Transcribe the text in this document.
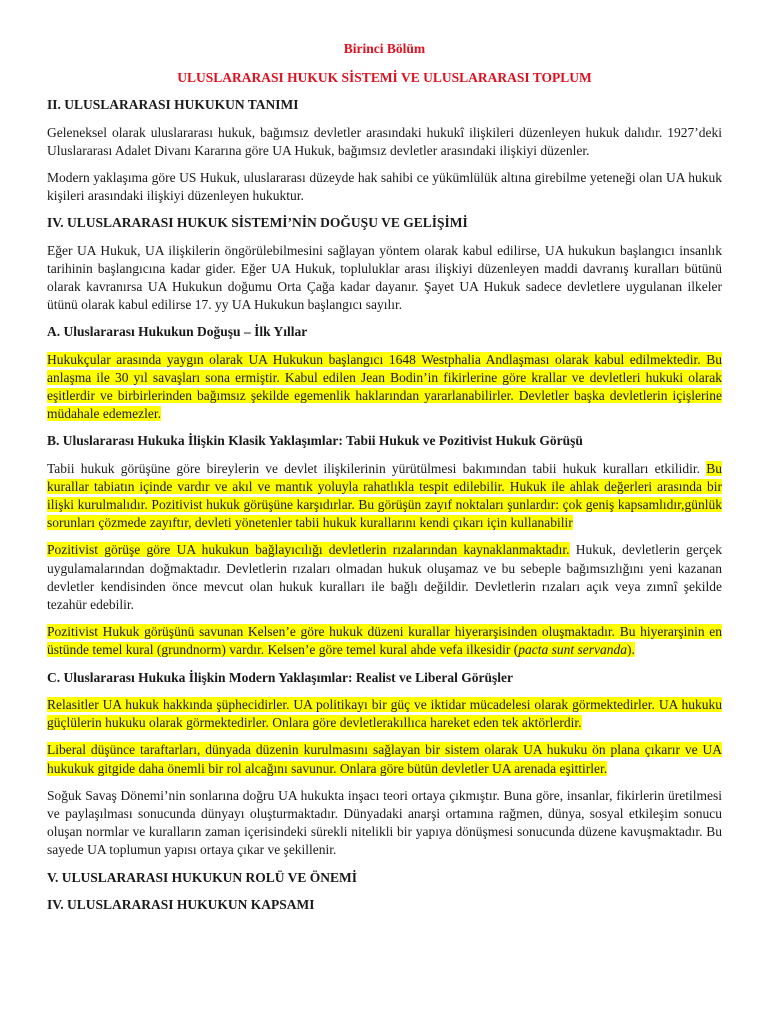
Birinci Bölüm
ULUSLARARASI HUKUK SİSTEMİ VE ULUSLARARASI TOPLUM
II. ULUSLARARASI HUKUKUN TANIMI

Geleneksel olarak uluslararası hukuk, bağımsız devletler arasındaki hukukî ilişkileri düzenleyen hukuk dalıdır. 1927’deki Uluslararası Adalet Divanı Kararına göre UA Hukuk, bağımsız devletler arasındaki ilişkiyi düzenler.

Modern yaklaşıma göre US Hukuk, uluslararası düzeyde hak sahibi ce yükümlülük altına girebilme yeteneği olan UA hukuk kişileri arasındaki ilişkiyi düzenleyen hukuktur.

IV. ULUSLARARASI HUKUK SİSTEMİ’NİN DOĞUŞU VE GELİŞİMİ

Eğer UA Hukuk, UA ilişkilerin öngörülebilmesini sağlayan yöntem olarak kabul edilirse, UA hukukun başlangıcı insanlık tarihinin başlangıcına kadar gider. Eğer UA Hukuk, topluluklar arası ilişkiyi düzenleyen maddi davranış kuralları bütünü olarak kavranırsa UA Hukukun doğumu Orta Çağa kadar dayanır. Şayet UA Hukuk sadece devletlere uygulanan ilkeler ütünü olarak kabul edilirse 17. yy UA Hukukun başlangıcı sayılır.

A. Uluslararası Hukukun Doğuşu – İlk Yıllar

Hukukçular arasında yaygın olarak UA Hukukun başlangıcı 1648 Westphalia Andlaşması olarak kabul edilmektedir. Bu anlaşma ile 30 yıl savaşları sona ermiştir. Kabul edilen Jean Bodin’in fikirlerine göre krallar ve devletleri hukuki olarak eşitlerdir ve birbirlerinden bağımsız şekilde egemenlik haklarından yararlanabilirler. Devletler başka devletlerin içişlerine müdahale edemezler.

B. Uluslararası Hukuka İlişkin Klasik Yaklaşımlar: Tabii Hukuk ve Pozitivist Hukuk Görüşü

Tabii hukuk görüşüne göre bireylerin ve devlet ilişkilerinin yürütülmesi bakımından tabii hukuk kuralları etkilidir. Bu kurallar tabiatın içinde vardır ve akıl ve mantık yoluyla rahatlıkla tespit edilebilir. Hukuk ile ahlak değerleri arasında bir ilişki kurulmalıdır. Pozitivist hukuk görüşüne karşıdırlar. Bu görüşün zayıf noktaları şunlardır: çok geniş kapsamlıdır,günlük sorunları çözmede zayıftır, devleti yönetenler tabii hukuk kurallarını kendi çıkarı için kullanabilir

Pozitivist görüşe göre UA hukukun bağlayıcılığı devletlerin rızalarından kaynaklanmaktadır. Hukuk, devletlerin gerçek uygulamalarından doğmaktadır. Devletlerin rızaları olmadan hukuk oluşamaz ve bu sebeple bağımsızlığını yeni kazanan devletler kendisinden önce mevcut olan hukuk kuralları ile bağlı değildir. Devletlerin rızaları açık veya zımnî şekilde tezahür edebilir.

Pozitivist Hukuk görüşünü savunan Kelsen’e göre hukuk düzeni kurallar hiyerarşisinden oluşmaktadır. Bu hiyerarşinin en üstünde temel kural (grundnorm) vardır. Kelsen’e göre temel kural ahde vefa ilkesidir (pacta sunt servanda).

C. Uluslararası Hukuka İlişkin Modern Yaklaşımlar: Realist ve Liberal Görüşler

Relasitler UA hukuk hakkında şüphecidirler. UA politikayı bir güç ve iktidar mücadelesi olarak görmektedirler. UA hukuku güçlülerin hukuku olarak görmektedirler. Onlara göre devletlerakıllıca hareket eden tek aktörlerdir.

Liberal düşünce taraftarları, dünyada düzenin kurulmasını sağlayan bir sistem olarak UA hukuku ön plana çıkarır ve UA hukukuk gitgide daha önemli bir rol alcağını savunur. Onlara göre bütün devletler UA arenada eşittirler.

Soğuk Savaş Dönemi’nin sonlarına doğru UA hukukta inşacı teori ortaya çıkmıştır. Buna göre, insanlar, fikirlerin üretilmesi ve paylaşılması sonucunda dünyayı oluşturmaktadır. Dünyadaki anarşi ortamına rağmen, dünya, sosyal etkileşim sonucu oluşan normlar ve kuralların zaman içerisindeki sürekli nitelikli bir yapıya dönüşmesi sonucunda düzene kavuşmaktadır. Bu sayede UA toplumun yapısı ortaya çıkar ve şekillenir.

V. ULUSLARARASI HUKUKUN ROLÜ VE ÖNEMİ
IV. ULUSLARARASI HUKUKUN KAPSAMI
